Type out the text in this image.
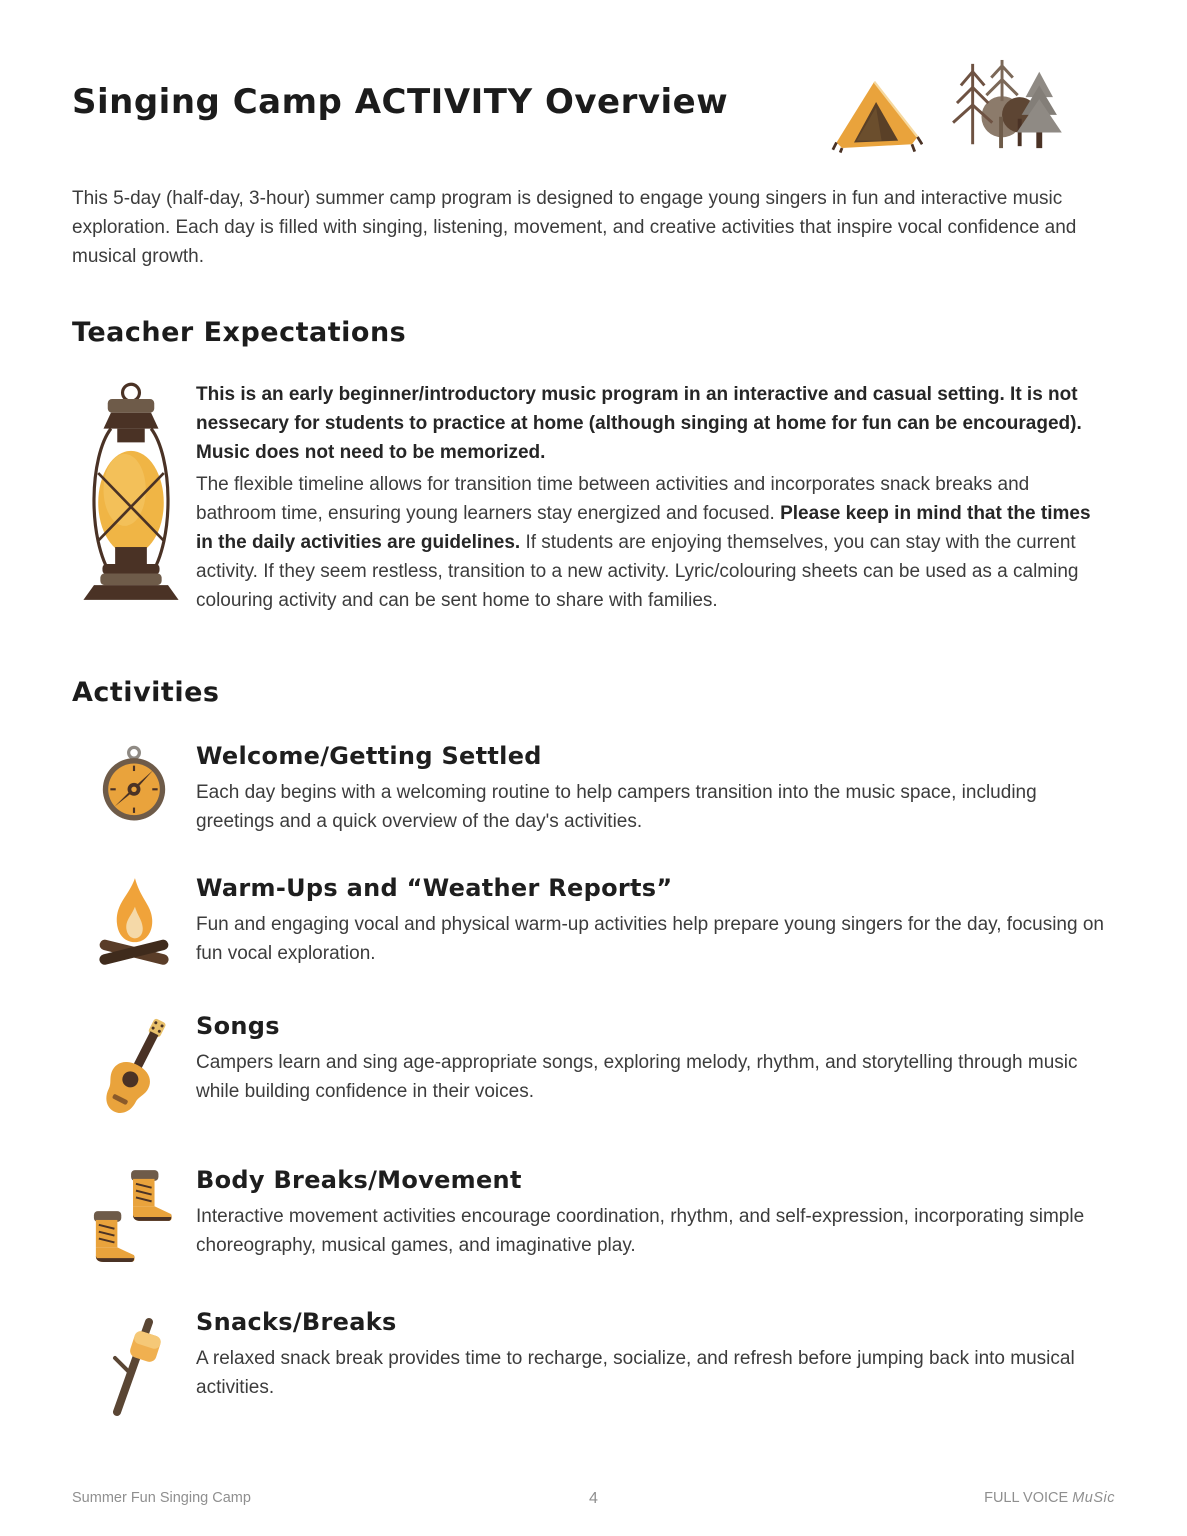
Singing Camp ACTIVITY Overview

This 5-day (half-day, 3-hour) summer camp program is designed to engage young singers in fun and interactive music exploration. Each day is filled with singing, listening, movement, and creative activities that inspire vocal confidence and musical growth.

Teacher Expectations

This is an early beginner/introductory music program in an interactive and casual setting. It is not nessecary for students to practice at home (although singing at home for fun can be encouraged). Music does not need to be memorized.

The flexible timeline allows for transition time between activities and incorporates snack breaks and bathroom time, ensuring young learners stay energized and focused. Please keep in mind that the times in the daily activities are guidelines. If students are enjoying themselves, you can stay with the current activity. If they seem restless, transition to a new activity. Lyric/colouring sheets can be used as a calming colouring activity and can be sent home to share with families.

Activities
Welcome/Getting Settled
Each day begins with a welcoming routine to help campers transition into the music space, including greetings and a quick overview of the day's activities.
Warm-Ups and “Weather Reports”
Fun and engaging vocal and physical warm-up activities help prepare young singers for the day, focusing on fun vocal exploration.
Songs
Campers learn and sing age-appropriate songs, exploring melody, rhythm, and storytelling through music while building confidence in their voices.
Body Breaks/Movement
Interactive movement activities encourage coordination, rhythm, and self-expression, incorporating simple choreography, musical games, and imaginative play.
Snacks/Breaks
A relaxed snack break provides time to recharge, socialize, and refresh before jumping back into musical activities.
Summer Fun Singing Camp	4	FULL VOICE MuSic
